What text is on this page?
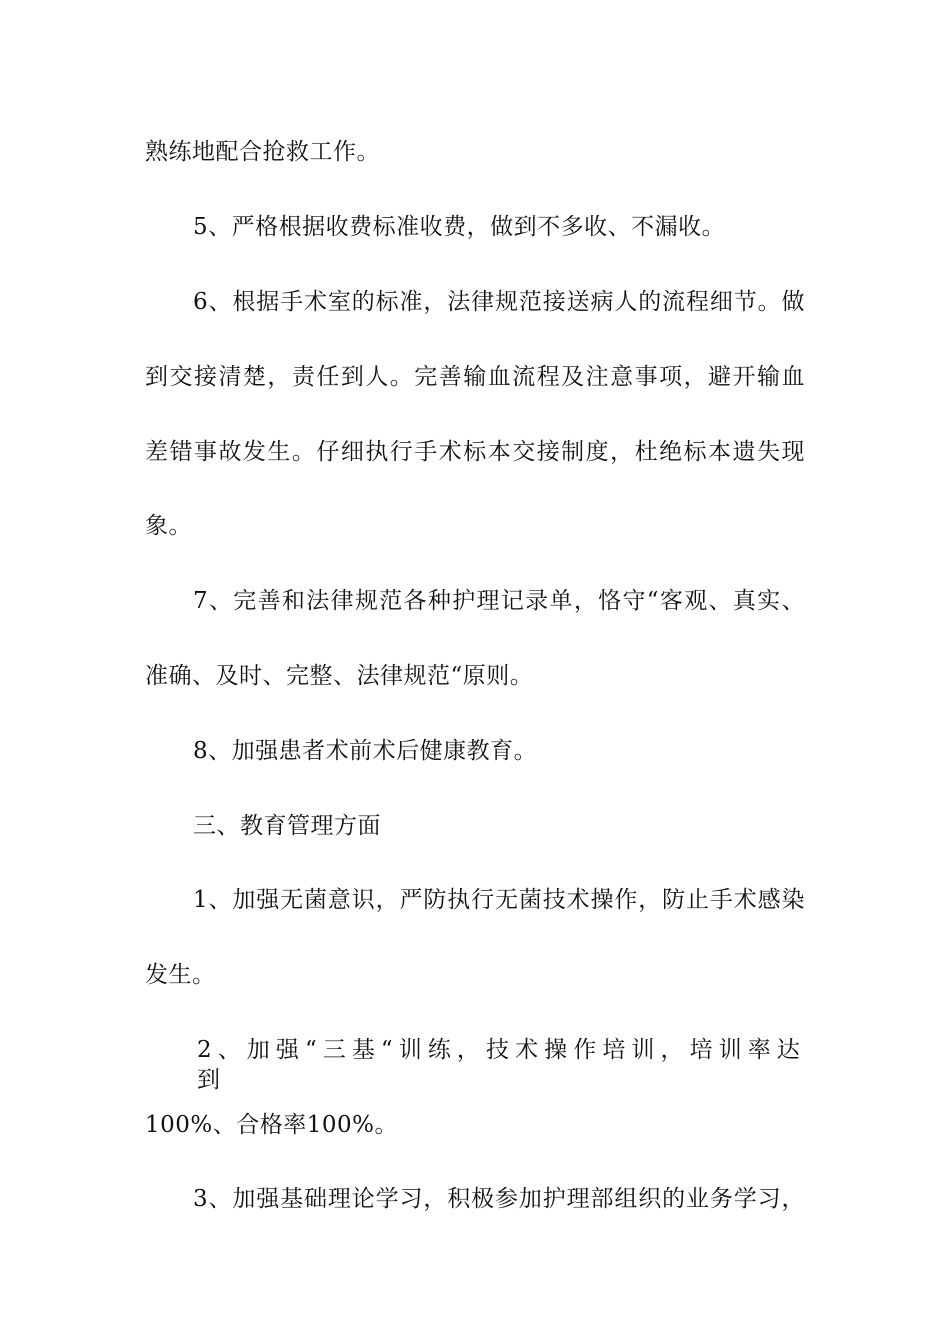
熟练地配合抢救工作。
5、严格根据收费标准收费，做到不多收、不漏收。
6、根据手术室的标准，法律规范接送病人的流程细节。做
到交接清楚，责任到人。完善输血流程及注意事项，避开输血
差错事故发生。仔细执行手术标本交接制度，杜绝标本遗失现
象。
7、完善和法律规范各种护理记录单，恪守“客观、真实、
准确、及时、完整、法律规范“原则。
8、加强患者术前术后健康教育。
三、教育管理方面
1、加强无菌意识，严防执行无菌技术操作，防止手术感染
发生。
2、加强“三基“训练，技术操作培训，培训率达到
100%、合格率100%。
3、加强基础理论学习，积极参加护理部组织的业务学习，
